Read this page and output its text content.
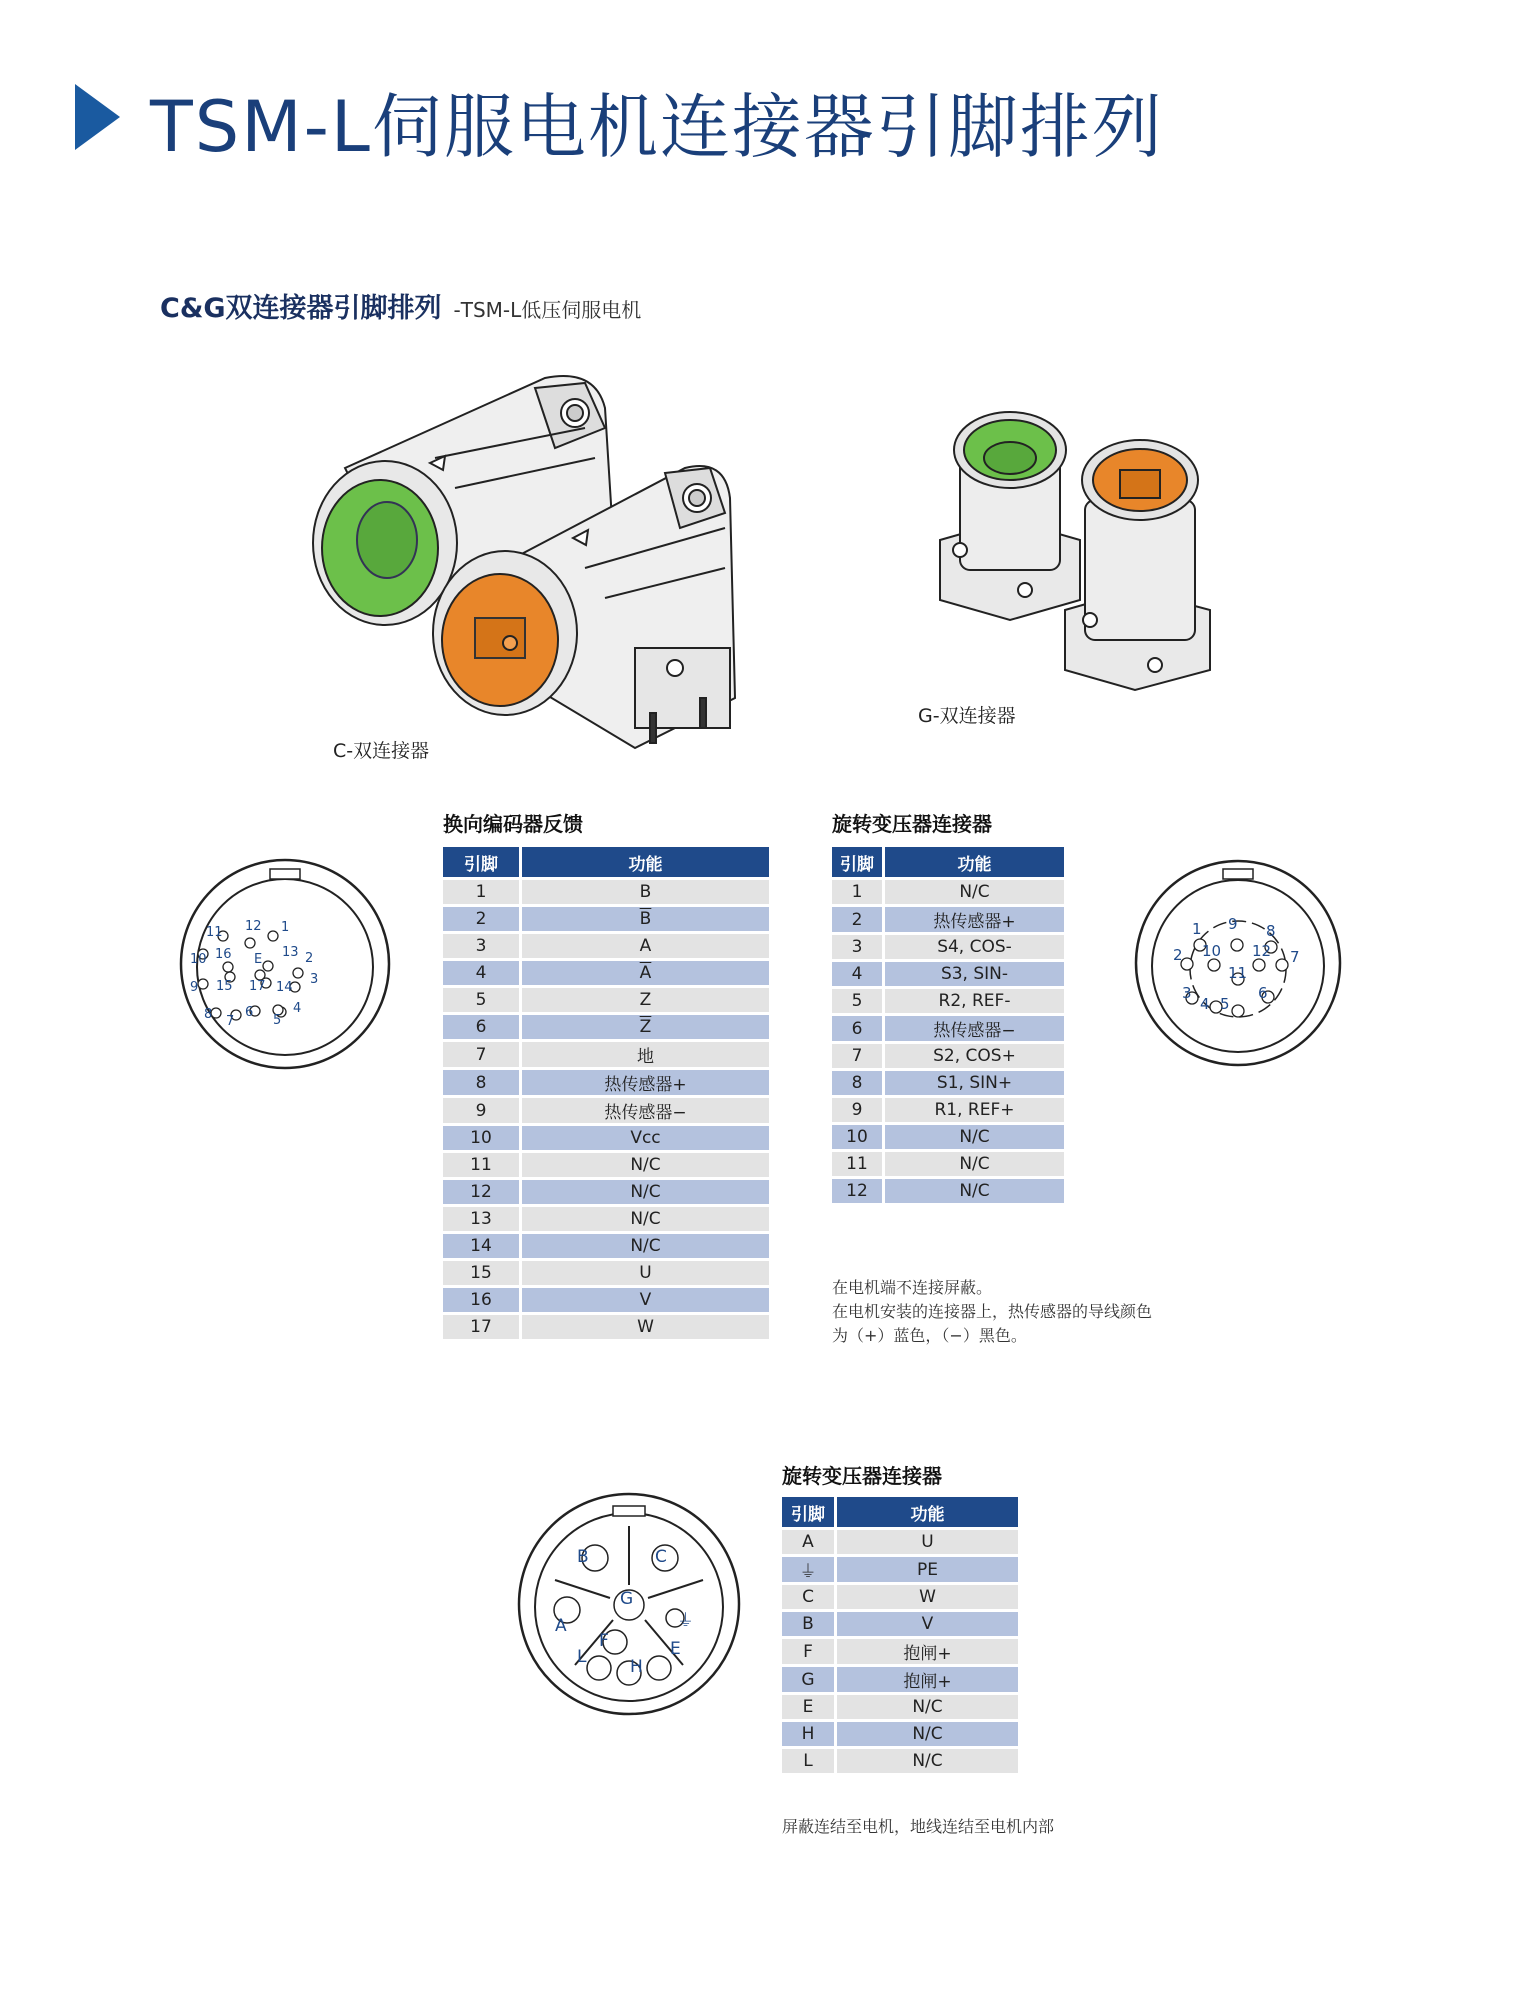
TSM-L伺服电机连接器引脚排列
C&G双连接器引脚排列 -TSM-L低压伺服电机
C-双连接器
G-双连接器
11 12 1
10 16 E 13 2
3
9 15 17 14
4
8 7
6
5
1 9 8
2 10 12 7
11
3
4 5
6
B	C
A
G
F	E
L	H
⏚
换向编码器反馈
引脚	功能
1	B
2	$\overline{B}$
3	A
4	$\overline{A}$
5	Z
6	$\overline{Z}$
7	地
8	热传感器+
9	热传感器−
10	Vcc
11	N/C
12	N/C
13	N/C
14	N/C
15	U
16	V
17	W
旋转变压器连接器
引脚	功能
1	N/C
2	热传感器+
3	S4, COS-
4	S3, SIN-
5	R2, REF-
6	热传感器−
7	S2, COS+
8	S1, SIN+
9	R1, REF+
10	N/C
11	N/C
12	N/C
在电机端不连接屏蔽。
在电机安装的连接器上，热传感器的导线颜色
为（+）蓝色，（−）黑色。
旋转变压器连接器
引脚	功能
A	U
⏚	PE
C	W
B	V
F	抱闸+
G	抱闸+
E	N/C
H	N/C
L	N/C
屏蔽连结至电机，地线连结至电机内部
